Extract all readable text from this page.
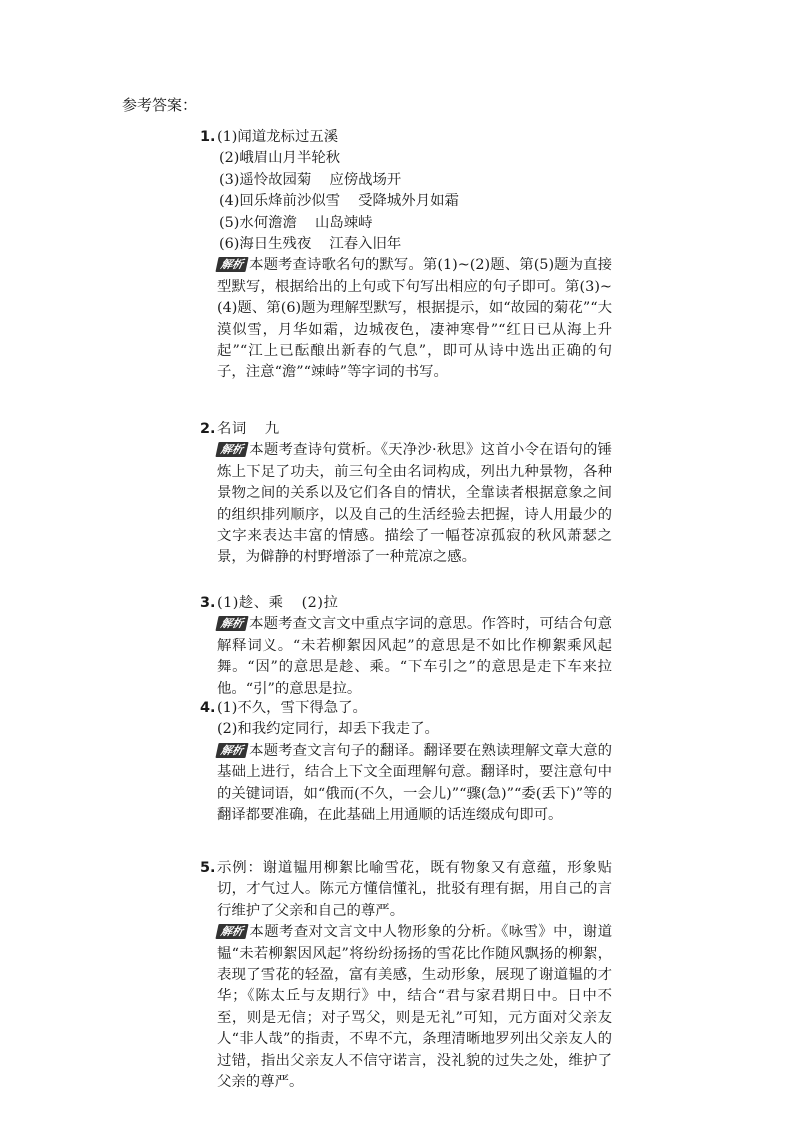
参考答案：
1. (1)闻道龙标过五溪
(2)峨眉山月半轮秋
(3)遥怜故园菊 应傍战场开
(4)回乐烽前沙似雪 受降城外月如霜
(5)水何澹澹 山岛竦峙
(6)海日生残夜 江春入旧年
解析 本题考查诗歌名句的默写。第(1)~(2)题、第(5)题为直接型默写，根据给出的上句或下句写出相应的句子即可。第(3)~(4)题、第(6)题为理解型默写，根据提示，如“故园的菊花”“大漠似雪，月华如霜，边城夜色，凄神寒骨”“红日已从海上升起”“江上已酝酿出新春的气息”，即可从诗中选出正确的句子，注意“澹”“竦峙”等字词的书写。
2. 名词 九
解析 本题考查诗句赏析。《天净沙·秋思》这首小令在语句的锤炼上下足了功夫，前三句全由名词构成，列出九种景物，各种景物之间的关系以及它们各自的情状，全靠读者根据意象之间的组织排列顺序，以及自己的生活经验去把握，诗人用最少的文字来表达丰富的情感。描绘了一幅苍凉孤寂的秋风萧瑟之景，为僻静的村野增添了一种荒凉之感。
3. (1)趁、乘 (2)拉
解析 本题考查文言文中重点字词的意思。作答时，可结合句意解释词义。“未若柳絮因风起”的意思是不如比作柳絮乘风起舞。“因”的意思是趁、乘。“下车引之”的意思是走下车来拉他。“引”的意思是拉。
4. (1)不久，雪下得急了。
(2)和我约定同行，却丢下我走了。
解析 本题考查文言句子的翻译。翻译要在熟读理解文章大意的基础上进行，结合上下文全面理解句意。翻译时，要注意句中的关键词语，如“俄而(不久，一会儿)”“骤(急)”“委(丢下)”等的翻译都要准确，在此基础上用通顺的话连缀成句即可。
5. 示例：谢道韫用柳絮比喻雪花，既有物象又有意蕴，形象贴切，才气过人。陈元方懂信懂礼，批驳有理有据，用自己的言行维护了父亲和自己的尊严。
解析 本题考查对文言文中人物形象的分析。《咏雪》中，谢道韫“未若柳絮因风起”将纷纷扬扬的雪花比作随风飘扬的柳絮，表现了雪花的轻盈，富有美感，生动形象，展现了谢道韫的才华；《陈太丘与友期行》中，结合“君与家君期日中。日中不至，则是无信；对子骂父，则是无礼”可知，元方面对父亲友人“非人哉”的指责，不卑不亢，条理清晰地罗列出父亲友人的过错，指出父亲友人不信守诺言，没礼貌的过失之处，维护了父亲的尊严。
